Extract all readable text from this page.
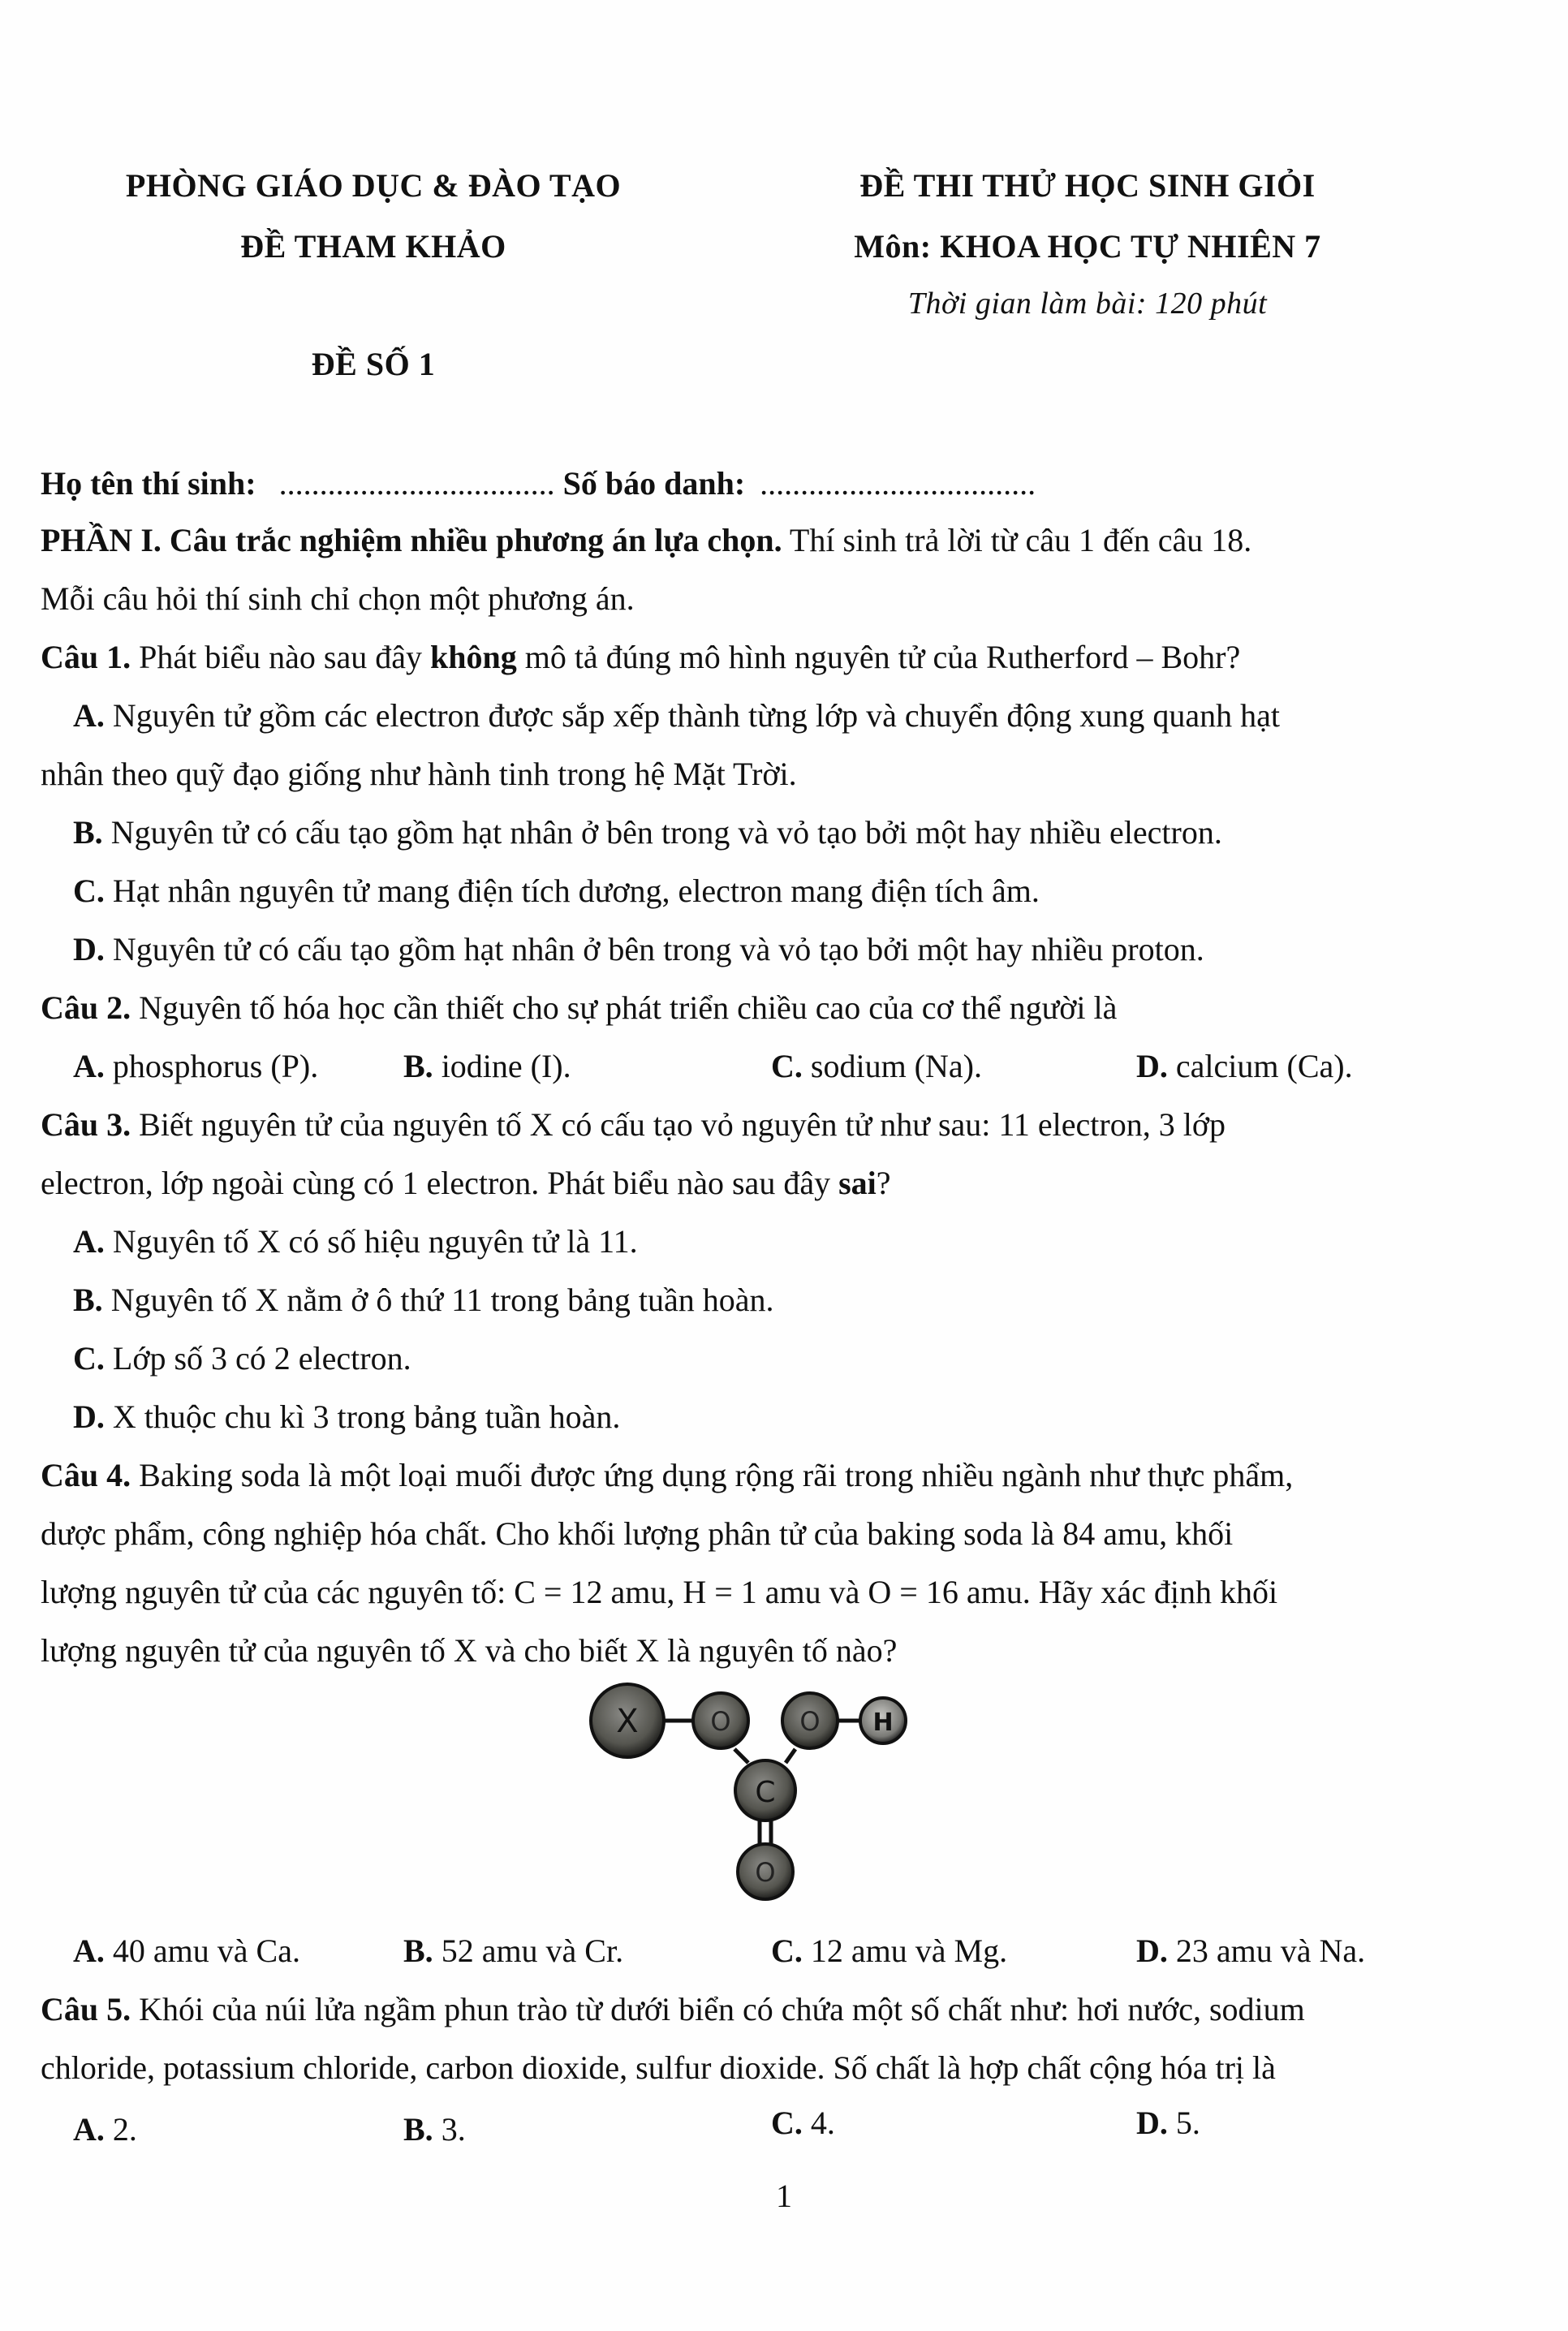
PHÒNG GIÁO DỤC & ĐÀO TẠO
ĐỀ THAM KHẢO
ĐỀ SỐ 1
ĐỀ THI THỬ HỌC SINH GIỎI
Môn: KHOA HỌC TỰ NHIÊN 7
Thời gian làm bài: 120 phút
Họ tên thí sinh: .................................. Số báo danh: ..................................
PHẦN I. Câu trắc nghiệm nhiều phương án lựa chọn. Thí sinh trả lời từ câu 1 đến câu 18.
Mỗi câu hỏi thí sinh chỉ chọn một phương án.
Câu 1. Phát biểu nào sau đây không mô tả đúng mô hình nguyên tử của Rutherford – Bohr?
A. Nguyên tử gồm các electron được sắp xếp thành từng lớp và chuyển động xung quanh hạt
nhân theo quỹ đạo giống như hành tinh trong hệ Mặt Trời.
B. Nguyên tử có cấu tạo gồm hạt nhân ở bên trong và vỏ tạo bởi một hay nhiều electron.
C. Hạt nhân nguyên tử mang điện tích dương, electron mang điện tích âm.
D. Nguyên tử có cấu tạo gồm hạt nhân ở bên trong và vỏ tạo bởi một hay nhiều proton.
Câu 2. Nguyên tố hóa học cần thiết cho sự phát triển chiều cao của cơ thể người là
A. phosphorus (P).	B. iodine (I).	C. sodium (Na).	D. calcium (Ca).
Câu 3. Biết nguyên tử của nguyên tố X có cấu tạo vỏ nguyên tử như sau: 11 electron, 3 lớp
electron, lớp ngoài cùng có 1 electron. Phát biểu nào sau đây sai?
A. Nguyên tố X có số hiệu nguyên tử là 11.
B. Nguyên tố X nằm ở ô thứ 11 trong bảng tuần hoàn.
C. Lớp số 3 có 2 electron.
D. X thuộc chu kì 3 trong bảng tuần hoàn.
Câu 4. Baking soda là một loại muối được ứng dụng rộng rãi trong nhiều ngành như thực phẩm,
dược phẩm, công nghiệp hóa chất. Cho khối lượng phân tử của baking soda là 84 amu, khối
lượng nguyên tử của các nguyên tố: C = 12 amu, H = 1 amu và O = 16 amu. Hãy xác định khối
lượng nguyên tử của nguyên tố X và cho biết X là nguyên tố nào?
X	O	O H
C
O
A. 40 amu và Ca.	B. 52 amu và Cr.	C. 12 amu và Mg.	D. 23 amu và Na.
Câu 5. Khói của núi lửa ngầm phun trào từ dưới biển có chứa một số chất như: hơi nước, sodium
chloride, potassium chloride, carbon dioxide, sulfur dioxide. Số chất là hợp chất cộng hóa trị là
A. 2.	B. 3.	C. 4.	D. 5.
1
